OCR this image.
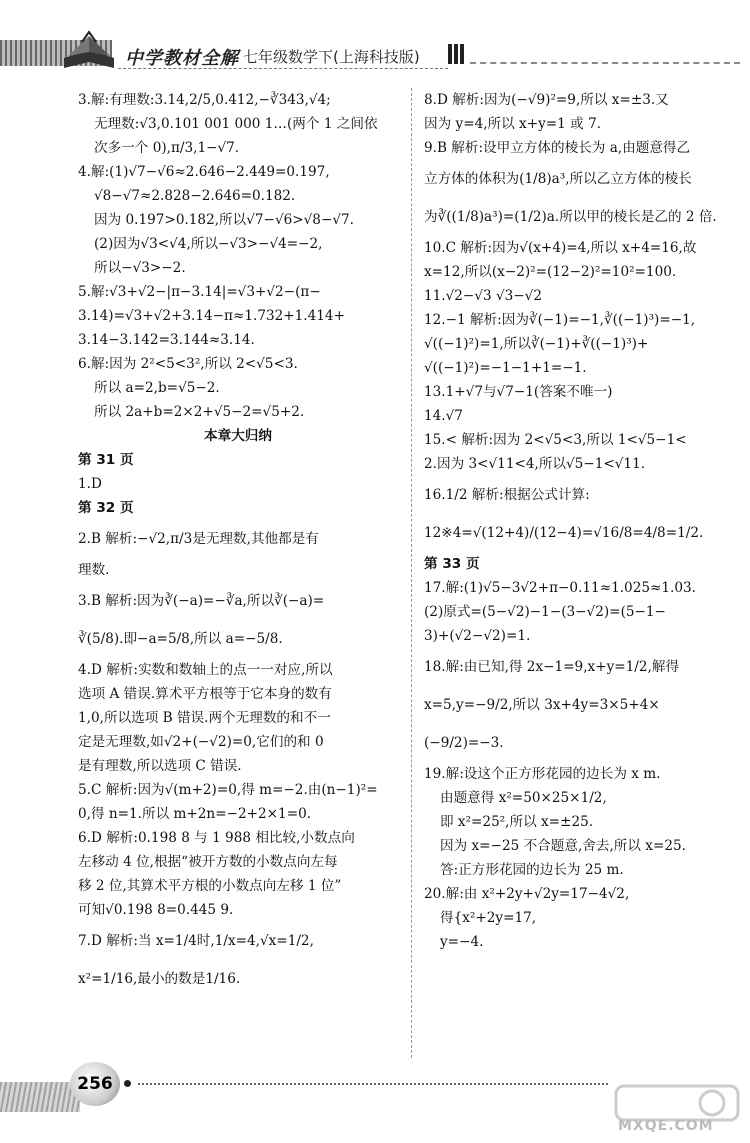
中学教材全解 七年级数学下(上海科技版)
3.解:有理数:3.14,2/5,0.4̇12̇,−∛343,√4;
无理数:√3,0.101 001 000 1…(两个 1 之间依
次多一个 0),π/3,1−√7.
4.解:(1)√7−√6≈2.646−2.449=0.197,
√8−√7≈2.828−2.646=0.182.
因为 0.197>0.182,所以√7−√6>√8−√7.
(2)因为√3<√4,所以−√3>−√4=−2,
所以−√3>−2.
5.解:√3+√2−|π−3.14|=√3+√2−(π−
3.14)=√3+√2+3.14−π≈1.732+1.414+
3.14−3.142=3.144≈3.14.
6.解:因为 2²<5<3²,所以 2<√5<3.
所以 a=2,b=√5−2.
所以 2a+b=2×2+√5−2=√5+2.
本章大归纳
第 31 页
1.D
第 32 页
2.B 解析:−√2,π/3是无理数,其他都是有
理数.
3.B 解析:因为∛(−a)=−∛a,所以∛(−a)=
∛(5/8).即−a=5/8,所以 a=−5/8.
4.D 解析:实数和数轴上的点一一对应,所以
选项 A 错误.算术平方根等于它本身的数有
1,0,所以选项 B 错误.两个无理数的和不一
定是无理数,如√2+(−√2)=0,它们的和 0
是有理数,所以选项 C 错误.
5.C 解析:因为√(m+2)=0,得 m=−2.由(n−1)²=
0,得 n=1.所以 m+2n=−2+2×1=0.
6.D 解析:0.198 8 与 1 988 相比较,小数点向
左移动 4 位,根据“被开方数的小数点向左每
移 2 位,其算术平方根的小数点向左移 1 位”
可知√0.198 8=0.445 9.
7.D 解析:当 x=1/4时,1/x=4,√x=1/2,
x²=1/16,最小的数是1/16.
8.D 解析:因为(−√9)²=9,所以 x=±3.又
因为 y=4,所以 x+y=1 或 7.
9.B 解析:设甲立方体的棱长为 a,由题意得乙
立方体的体积为(1/8)a³,所以乙立方体的棱长
为∛((1/8)a³)=(1/2)a.所以甲的棱长是乙的 2 倍.
10.C 解析:因为√(x+4)=4,所以 x+4=16,故
x=12,所以(x−2)²=(12−2)²=10²=100.
11.√2−√3 √3−√2
12.−1 解析:因为∛(−1)=−1,∛((−1)³)=−1,
√((−1)²)=1,所以∛(−1)+∛((−1)³)+
√((−1)²)=−1−1+1=−1.
13.1+√7与√7−1(答案不唯一)
14.√7
15.< 解析:因为 2<√5<3,所以 1<√5−1<
2.因为 3<√11<4,所以√5−1<√11.
16.1/2 解析:根据公式计算:
12※4=√(12+4)/(12−4)=√16/8=4/8=1/2.
第 33 页
17.解:(1)√5−3√2+π−0.11≈1.025≈1.03.
(2)原式=(5−√2)−1−(3−√2)=(5−1−
3)+(√2−√2)=1.
18.解:由已知,得 2x−1=9,x+y=1/2,解得
x=5,y=−9/2,所以 3x+4y=3×5+4×
(−9/2)=−3.
19.解:设这个正方形花园的边长为 x m.
由题意得 x²=50×25×1/2,
即 x²=25²,所以 x=±25.
因为 x=−25 不合题意,舍去,所以 x=25.
答:正方形花园的边长为 25 m.
20.解:由 x²+2y+√2y=17−4√2,
得{x²+2y=17,
y=−4.
256
MXQE.COM
